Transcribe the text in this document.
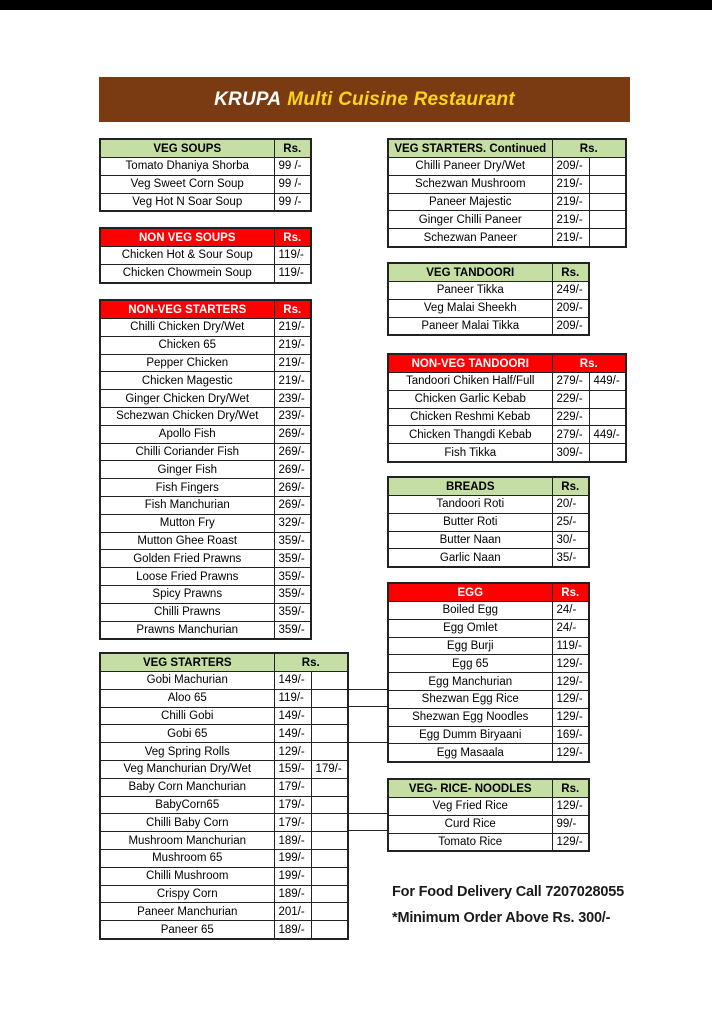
KRUPA Multi Cuisine Restaurant
VEG SOUPS	Rs.
Tomato Dhaniya Shorba	99 /-
Veg Sweet Corn Soup	99 /-
Veg Hot N Soar Soup	99 /-
NON VEG SOUPS	Rs.
Chicken Hot & Sour Soup	119/-
Chicken Chowmein Soup	119/-
NON-VEG STARTERS	Rs.
Chilli Chicken Dry/Wet	219/-
Chicken 65	219/-
Pepper Chicken	219/-
Chicken Magestic	219/-
Ginger Chicken Dry/Wet	239/-
Schezwan Chicken Dry/Wet	239/-
Apollo Fish	269/-
Chilli Coriander Fish	269/-
Ginger Fish	269/-
Fish Fingers	269/-
Fish Manchurian	269/-
Mutton Fry	329/-
Mutton Ghee Roast	359/-
Golden Fried Prawns	359/-
Loose Fried Prawns	359/-
Spicy Prawns	359/-
Chilli Prawns	359/-
Prawns Manchurian	359/-
VEG STARTERS	Rs.	
Gobi Machurian	149/-	
Aloo 65	119/-	
Chilli Gobi	149/-	
Gobi 65	149/-	
Veg Spring Rolls	129/-	
Veg Manchurian Dry/Wet	159/-	179/-
Baby Corn Manchurian	179/-	
BabyCorn65	179/-	
Chilli Baby Corn	179/-	
Mushroom Manchurian	189/-	
Mushroom 65	199/-	
Chilli Mushroom	199/-	
Crispy Corn	189/-	
Paneer Manchurian	201/-	
Paneer 65	189/-	
VEG STARTERS. Continued	Rs.	
Chilli Paneer Dry/Wet	209/-	
Schezwan Mushroom	219/-	
Paneer Majestic	219/-	
Ginger Chilli Paneer	219/-	
Schezwan Paneer	219/-	
VEG TANDOORI	Rs.
Paneer Tikka	249/-
Veg Malai Sheekh	209/-
Paneer Malai Tikka	209/-
NON-VEG TANDOORI	Rs.	
Tandoori Chiken Half/Full	279/-	449/-
Chicken Garlic Kebab	229/-	
Chicken Reshmi Kebab	229/-	
Chicken Thangdi Kebab	279/-	449/-
Fish Tikka	309/-	
BREADS	Rs.
Tandoori Roti	20/-
Butter Roti	25/-
Butter Naan	30/-
Garlic Naan	35/-
EGG	Rs.
Boiled Egg	24/-
Egg Omlet	24/-
Egg Burji	119/-
Egg 65	129/-
Egg Manchurian	129/-
Shezwan Egg Rice	129/-
Shezwan Egg Noodles	129/-
Egg Dumm Biryaani	169/-
Egg Masaala	129/-
VEG- RICE- NOODLES	Rs.
Veg Fried Rice	129/-
Curd Rice	99/-
Tomato Rice	129/-
For Food Delivery Call 7207028055
*Minimum Order Above Rs. 300/-
